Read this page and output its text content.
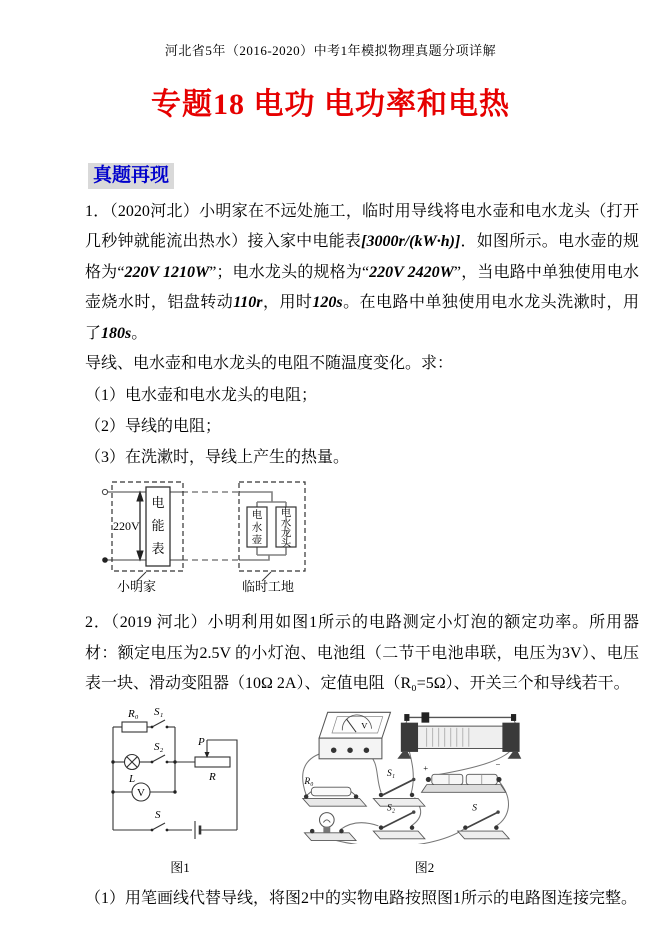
河北省5年（2016-2020）中考1年模拟物理真题分项详解
专题18 电功 电功率和电热
真题再现

1．（2020河北）小明家在不远处施工，临时用导线将电水壶和电水龙头（打开几秒钟就能流出热水）接入家中电能表[3000r/(kW·h)]．如图所示。电水壶的规格为“220V 1210W”；电水龙头的规格为“220V 2420W”，当电路中单独使用电水壶烧水时，铝盘转动110r，用时120s。在电路中单独使用电水龙头洗漱时，用了180s。

导线、电水壶和电水龙头的电阻不随温度变化。求：

（1）电水壶和电水龙头的电阻；
（2）导线的电阻；
（3）在洗漱时，导线上产生的热量。
220V
电能表
电水壶
电水龙头
小明家	临时工地

2．（2019 河北）小明利用如图1所示的电路测定小灯泡的额定功率。所用器材：额定电压为2.5V 的小灯泡、电池组（二节干电池串联，电压为3V）、电压表一块、滑动变阻器（10Ω 2A）、定值电阻（R₀=5Ω）、开关三个和导线若干。

R₀ S₁
S₂	P
R
L
V
S
图1
V
+	−
R₀
S₁
S₂	S
图2

（1）用笔画线代替导线，将图2中的实物电路按照图1所示的电路图连接完整。
